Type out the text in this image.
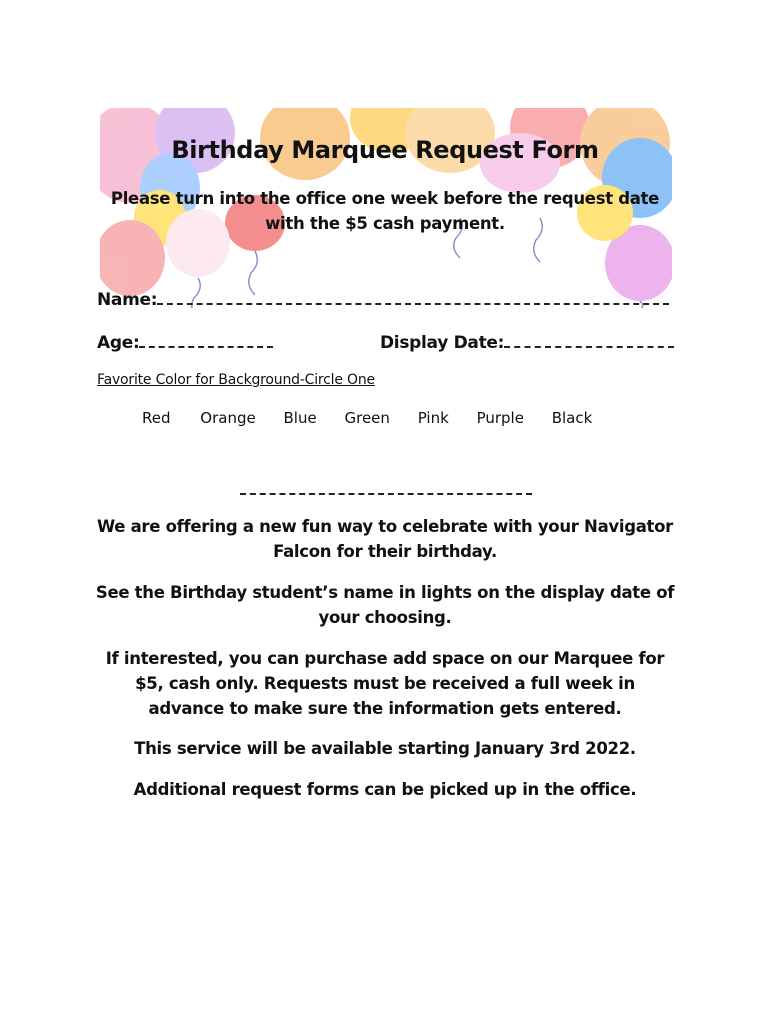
Birthday Marquee Request Form
Please turn into the office one week before the request date with the $5 cash payment.
Name:
Age:	Display Date:
Favorite Color for Background-Circle One
Red Orange Blue Green Pink Purple Black
We are offering a new fun way to celebrate with your Navigator Falcon for their birthday.
See the Birthday student’s name in lights on the display date of your choosing.
If interested, you can purchase add space on our Marquee for $5, cash only. Requests must be received a full week in advance to make sure the information gets entered.
This service will be available starting January 3rd 2022.
Additional request forms can be picked up in the office.
